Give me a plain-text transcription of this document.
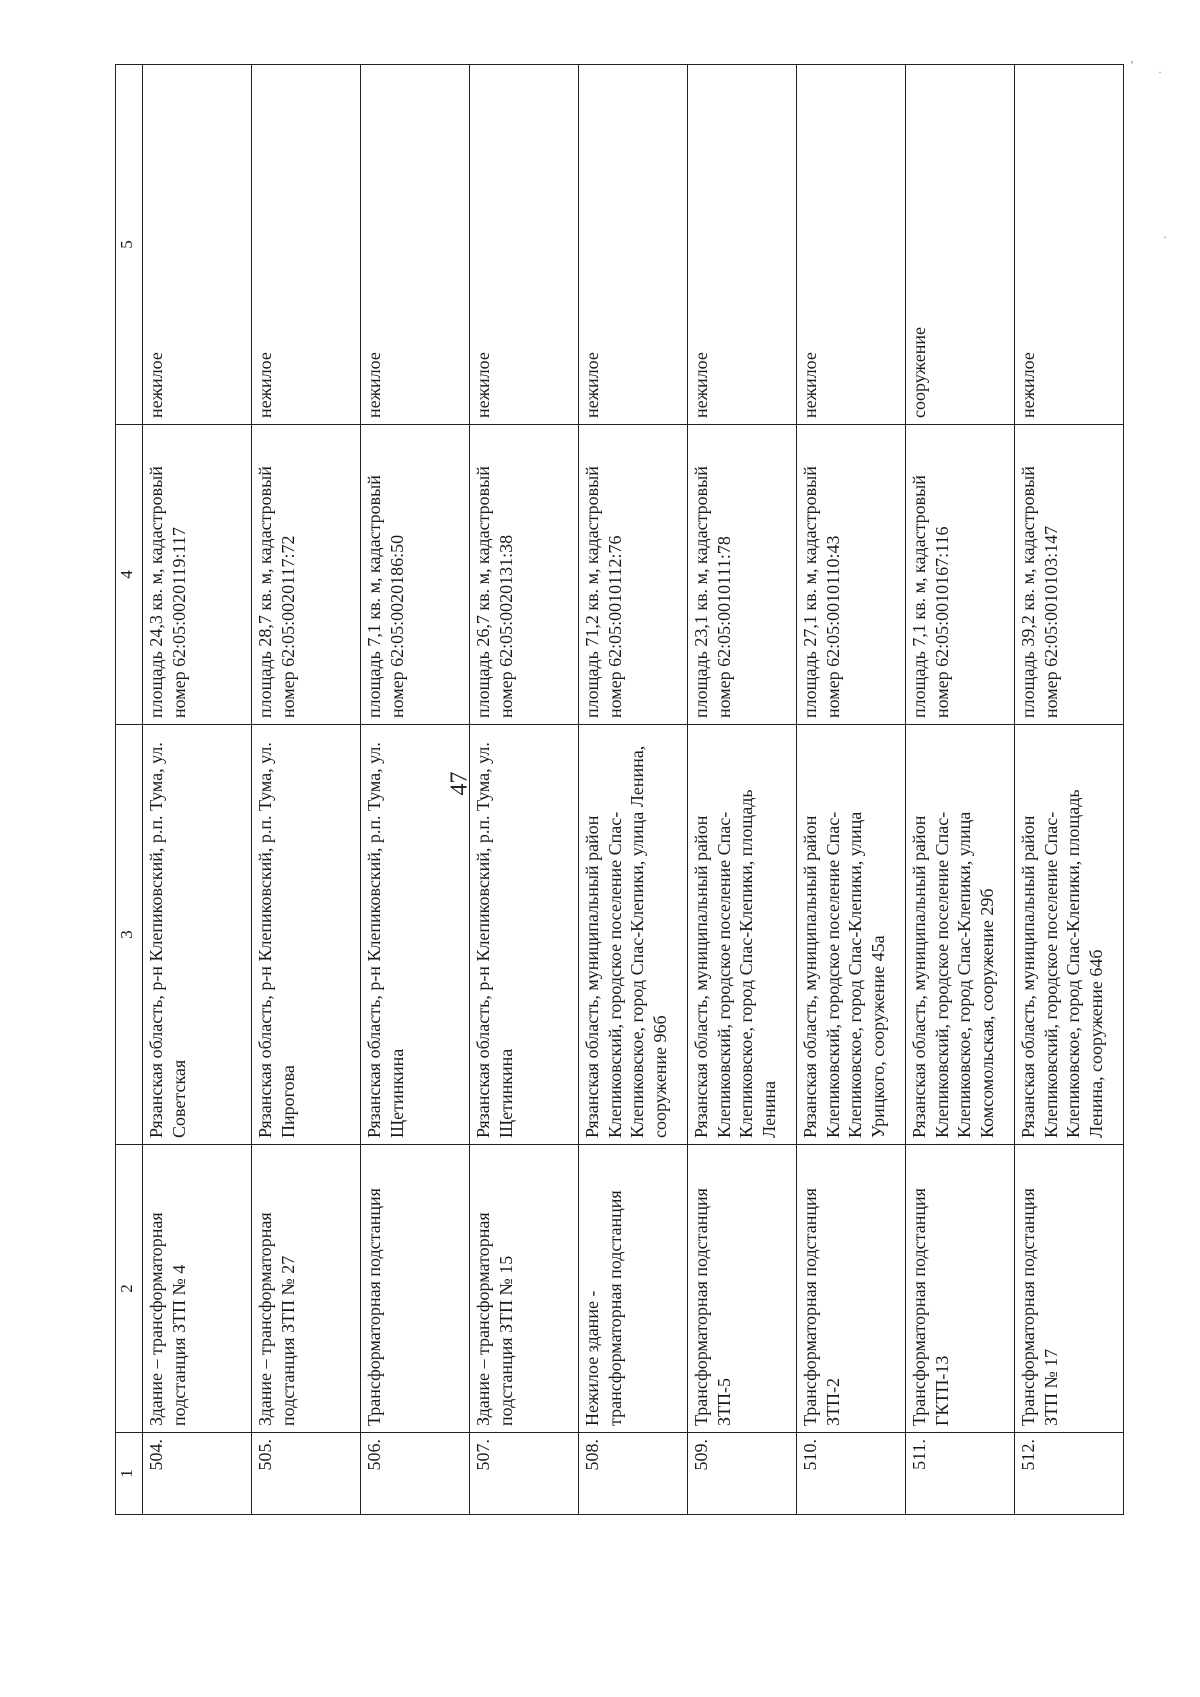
47
ʼ ·
·
1	2	3	4	5
504.	Здание – трансформаторная подстанция ЗТП № 4	Рязанская область, р-н Клепиковский, р.п. Тума, ул. Советская	площадь 24,3 кв. м, кадастровый номер 62:05:0020119:117	нежилое
505.	Здание – трансформаторная подстанция ЗТП № 27	Рязанская область, р-н Клепиковский, р.п. Тума, ул. Пирогова	площадь 28,7 кв. м, кадастровый номер 62:05:0020117:72	нежилое
506.	Трансформаторная подстанция	Рязанская область, р-н Клепиковский, р.п. Тума, ул. Щетинкина	площадь 7,1 кв. м, кадастровый номер 62:05:0020186:50	нежилое
507.	Здание – трансформаторная подстанция ЗТП № 15	Рязанская область, р-н Клепиковский, р.п. Тума, ул. Щетинкина	площадь 26,7 кв. м, кадастровый номер 62:05:0020131:38	нежилое
508.	Нежилое здание - трансформаторная подстанция	Рязанская область, муниципальный район Клепиковский, городское поселение Спас-Клепиковское, город Спас-Клепики, улица Ленина, сооружение 96б	площадь 71,2 кв. м, кадастровый номер 62:05:0010112:76	нежилое
509.	Трансформаторная подстанция ЗТП-5	Рязанская область, муниципальный район Клепиковский, городское поселение Спас-Клепиковское, город Спас-Клепики, площадь Ленина	площадь 23,1 кв. м, кадастровый номер 62:05:0010111:78	нежилое
510.	Трансформаторная подстанция ЗТП-2	Рязанская область, муниципальный район Клепиковский, городское поселение Спас-Клепиковское, город Спас-Клепики, улица Урицкого, сооружение 45а	площадь 27,1 кв. м, кадастровый номер 62:05:0010110:43	нежилое
511.	Трансформаторная подстанция ГКТП-13	Рязанская область, муниципальный район Клепиковский, городское поселение Спас-Клепиковское, город Спас-Клепики, улица Комсомольская, сооружение 29б	площадь 7,1 кв. м, кадастровый номер 62:05:0010167:116	сооружение
512.	Трансформаторная подстанция ЗТП № 17	Рязанская область, муниципальный район Клепиковский, городское поселение Спас-Клепиковское, город Спас-Клепики, площадь Ленина, сооружение 64б	площадь 39,2 кв. м, кадастровый номер 62:05:0010103:147	нежилое
